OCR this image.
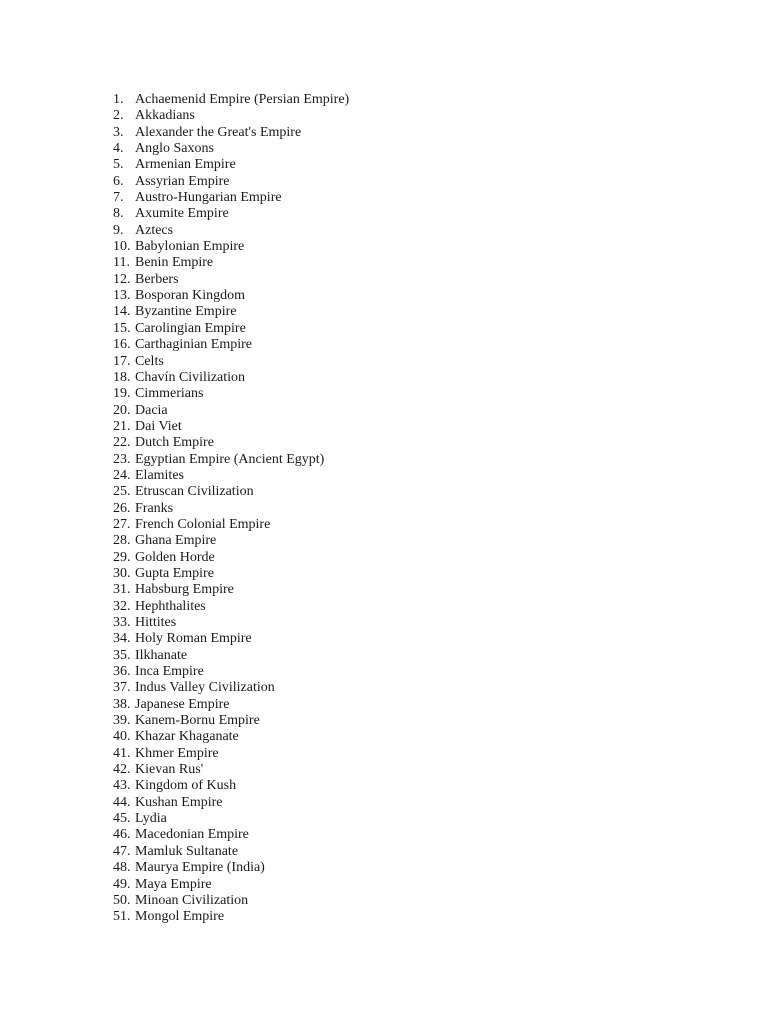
1. Achaemenid Empire (Persian Empire)
2. Akkadians
3. Alexander the Great's Empire
4. Anglo Saxons
5. Armenian Empire
6. Assyrian Empire
7. Austro-Hungarian Empire
8. Axumite Empire
9. Aztecs
10. Babylonian Empire
11. Benin Empire
12. Berbers
13. Bosporan Kingdom
14. Byzantine Empire
15. Carolingian Empire
16. Carthaginian Empire
17. Celts
18. Chavín Civilization
19. Cimmerians
20. Dacia
21. Dai Viet
22. Dutch Empire
23. Egyptian Empire (Ancient Egypt)
24. Elamites
25. Etruscan Civilization
26. Franks
27. French Colonial Empire
28. Ghana Empire
29. Golden Horde
30. Gupta Empire
31. Habsburg Empire
32. Hephthalites
33. Hittites
34. Holy Roman Empire
35. Ilkhanate
36. Inca Empire
37. Indus Valley Civilization
38. Japanese Empire
39. Kanem-Bornu Empire
40. Khazar Khaganate
41. Khmer Empire
42. Kievan Rus'
43. Kingdom of Kush
44. Kushan Empire
45. Lydia
46. Macedonian Empire
47. Mamluk Sultanate
48. Maurya Empire (India)
49. Maya Empire
50. Minoan Civilization
51. Mongol Empire
